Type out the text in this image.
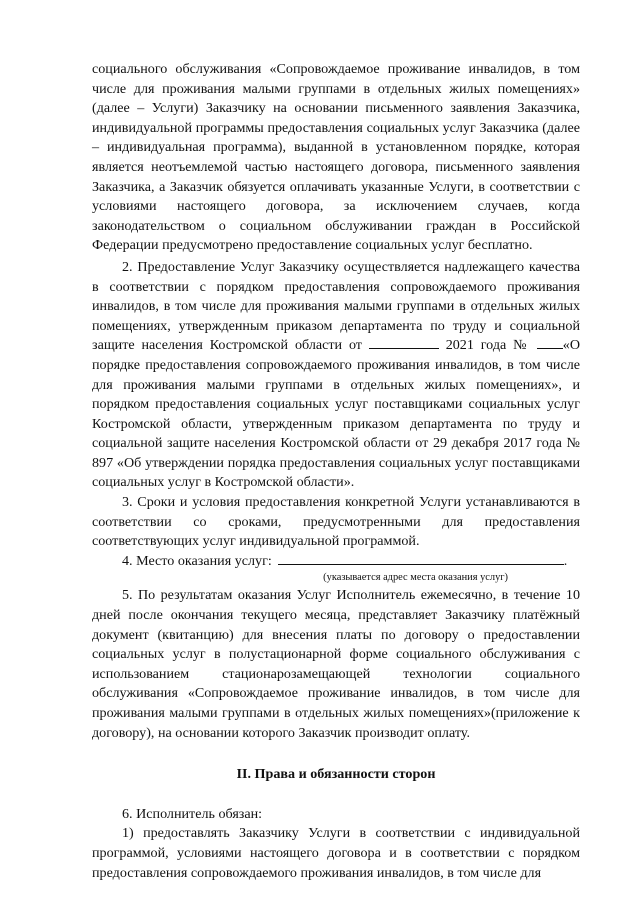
социального обслуживания «Сопровождаемое проживание инвалидов, в том числе для проживания малыми группами в отдельных жилых помещениях» (далее – Услуги) Заказчику на основании письменного заявления Заказчика, индивидуальной программы предоставления социальных услуг Заказчика (далее – индивидуальная программа), выданной в установленном порядке, которая является неотъемлемой частью настоящего договора, письменного заявления Заказчика, а Заказчик обязуется оплачивать указанные Услуги, в соответствии с условиями настоящего договора, за исключением случаев, когда законодательством о социальном обслуживании граждан в Российской Федерации предусмотрено предоставление социальных услуг бесплатно.

2. Предоставление Услуг Заказчику осуществляется надлежащего качества в соответствии с порядком предоставления сопровождаемого проживания инвалидов, в том числе для проживания малыми группами в отдельных жилых помещениях, утвержденным приказом департамента по труду и социальной защите населения Костромской области от	2021 года № «О порядке предоставления сопровождаемого проживания инвалидов, в том числе для проживания малыми группами в отдельных жилых помещениях», и порядком предоставления социальных услуг поставщиками социальных услуг Костромской области, утвержденным приказом департамента по труду и социальной защите населения Костромской области от 29 декабря 2017 года № 897 «Об утверждении порядка предоставления социальных услуг поставщиками социальных услуг в Костромской области».

3. Сроки и условия предоставления конкретной Услуги устанавливаются в соответствии со сроками, предусмотренными для предоставления соответствующих услуг индивидуальной программой.

4. Место оказания услуг:	.

(указывается адрес места оказания услуг)

5. По результатам оказания Услуг Исполнитель ежемесячно, в течение 10 дней после окончания текущего месяца, представляет Заказчику платёжный документ (квитанцию) для внесения платы по договору о предоставлении социальных услуг в полустационарной форме социального обслуживания с использованием стационарозамещающей технологии социального обслуживания «Сопровождаемое проживание инвалидов, в том числе для проживания малыми группами в отдельных жилых помещениях»(приложение к договору), на основании которого Заказчик производит оплату.

II. Права и обязанности сторон

6. Исполнитель обязан:

1) предоставлять Заказчику Услуги в соответствии с индивидуальной программой, условиями настоящего договора и в соответствии с порядком предоставления сопровождаемого проживания инвалидов, в том числе для
